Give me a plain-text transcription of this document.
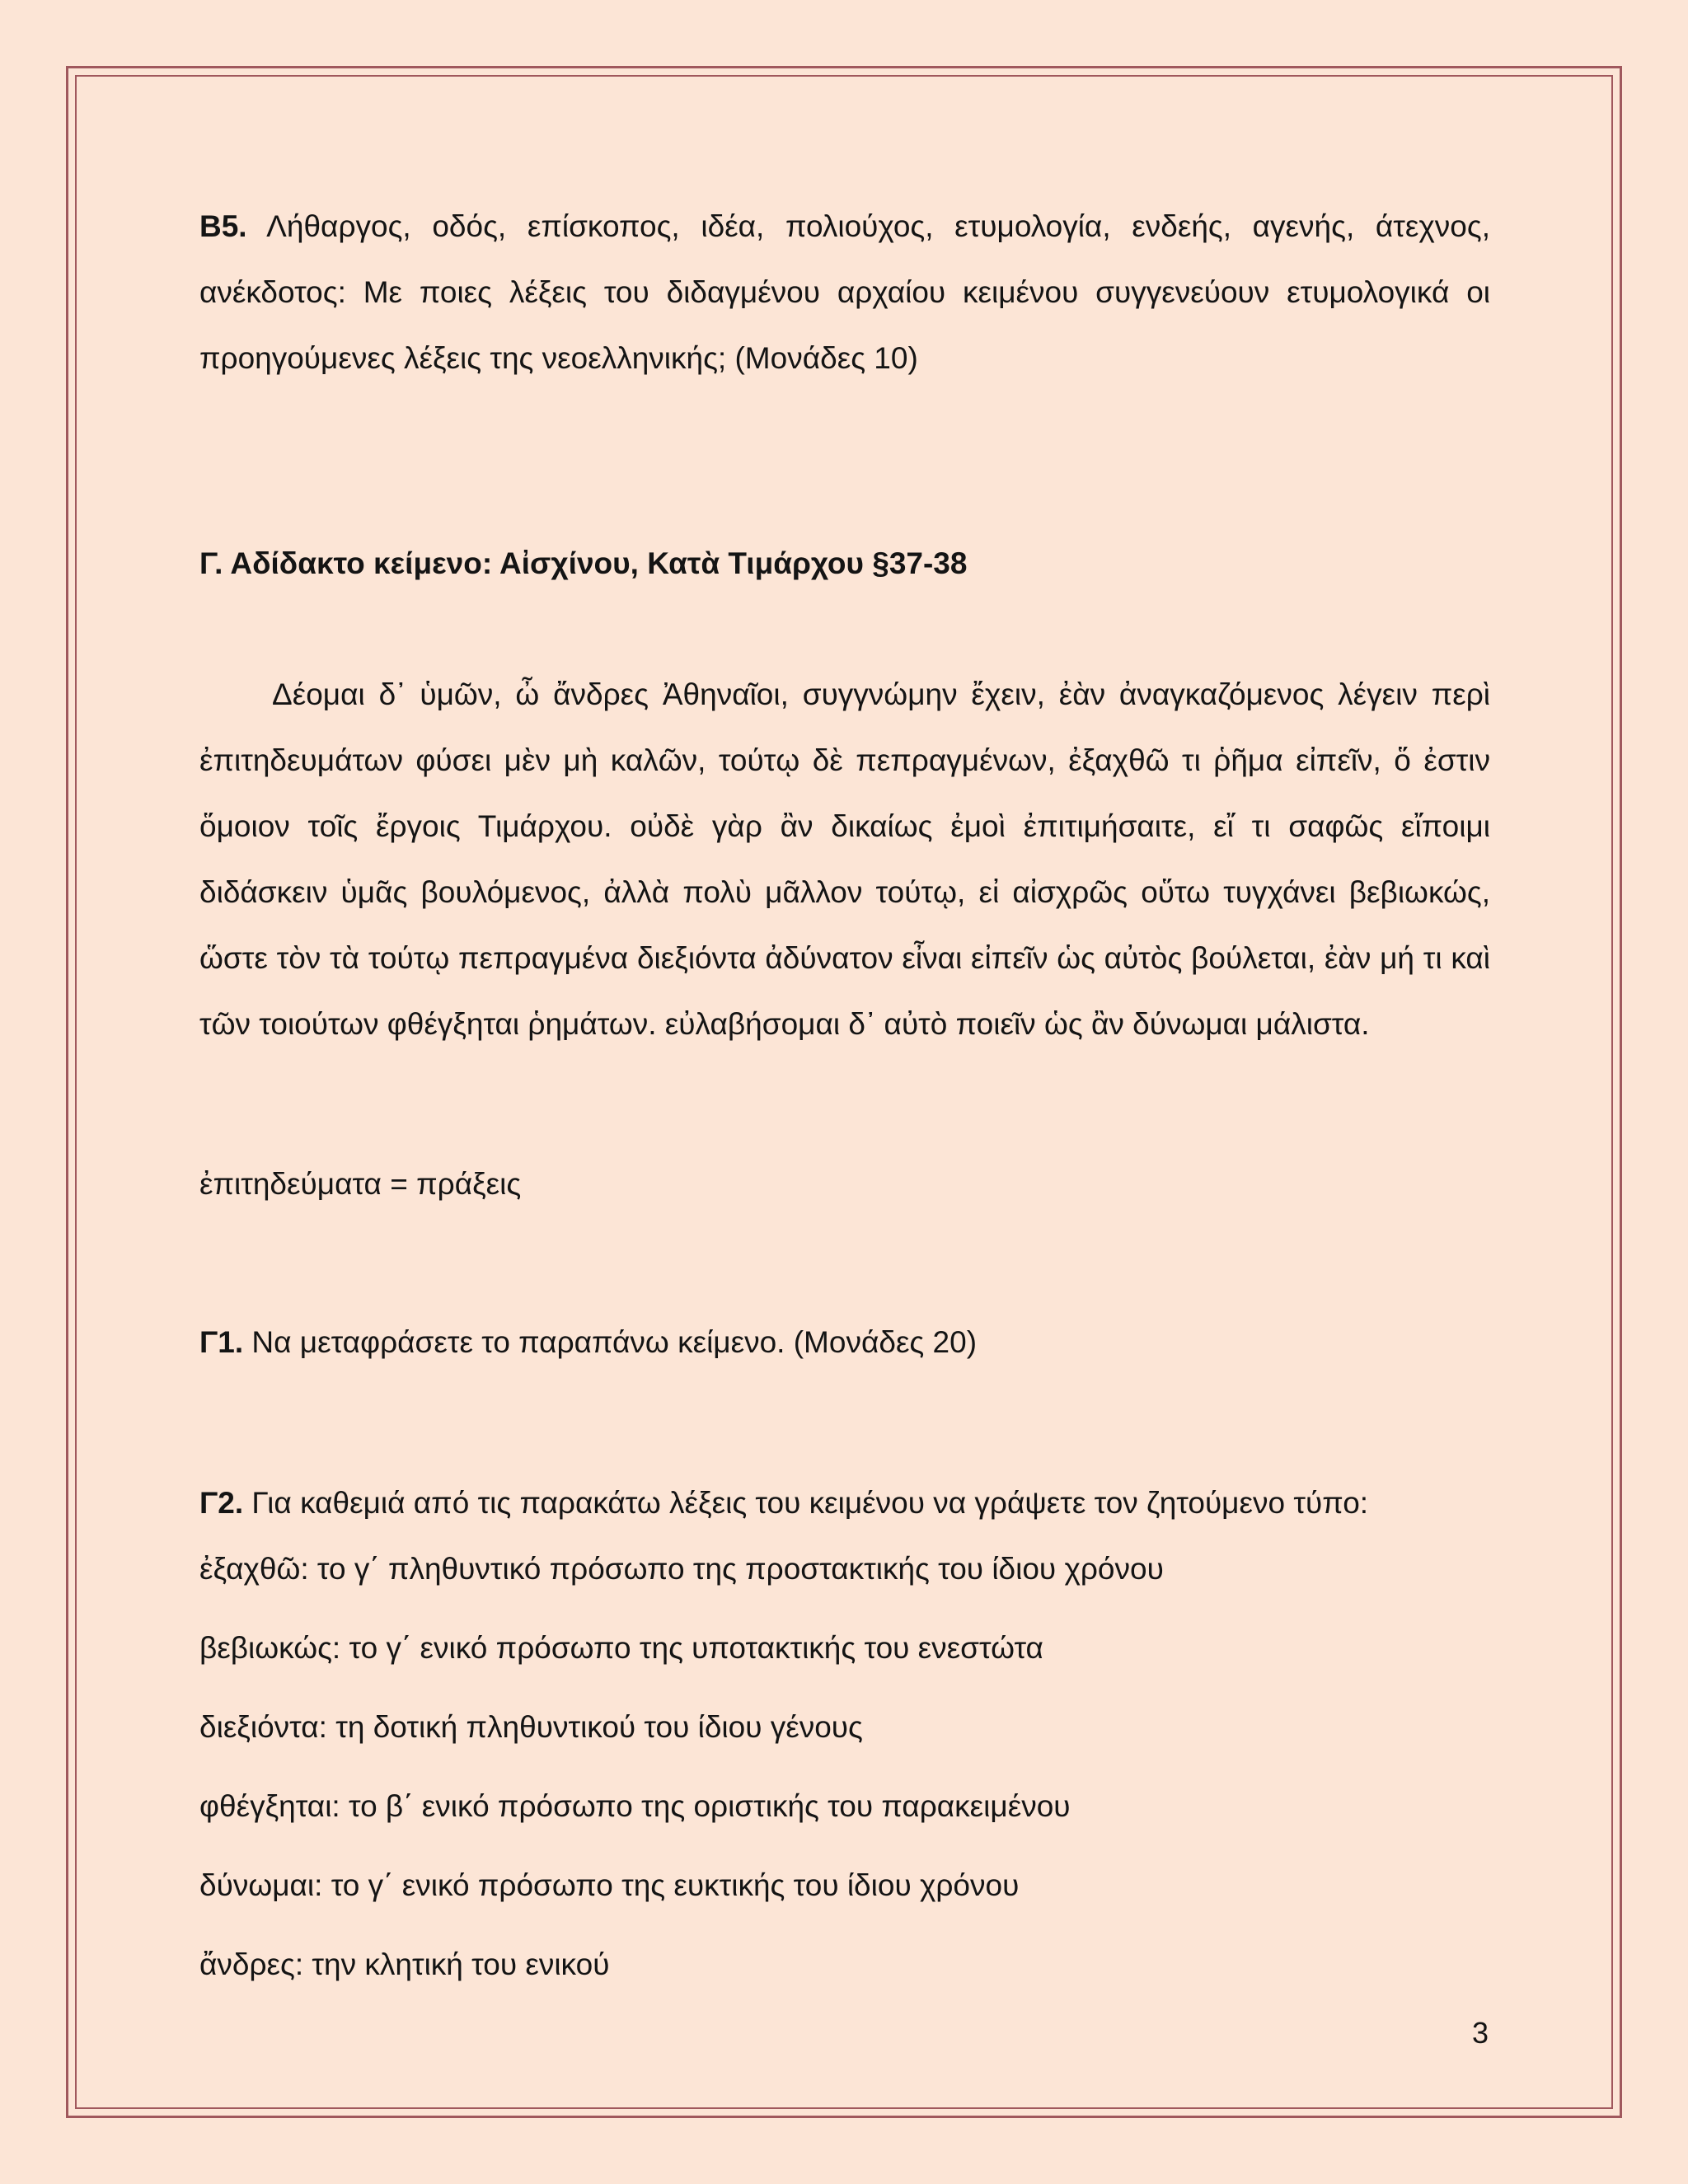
Β5. Λήθαργος, οδός, επίσκοπος, ιδέα, πολιούχος, ετυμολογία, ενδεής, αγενής, άτεχνος, ανέκδοτος: Με ποιες λέξεις του διδαγμένου αρχαίου κειμένου συγγενεύουν ετυμολογικά οι προηγούμενες λέξεις της νεοελληνικής; (Μονάδες 10)

Γ. Αδίδακτο κείμενο: Αἰσχίνου, Κατὰ Τιμάρχου §37-38

Δέομαι δ᾽ ὑμῶν, ὦ ἄνδρες Ἀθηναῖοι, συγγνώμην ἔχειν, ἐὰν ἀναγκαζόμενος λέγειν περὶ ἐπιτηδευμάτων φύσει μὲν μὴ καλῶν, τούτῳ δὲ πεπραγμένων, ἐξαχθῶ τι ῥῆμα εἰπεῖν, ὅ ἐστιν ὅμοιον τοῖς ἔργοις Τιμάρχου. οὐδὲ γὰρ ἂν δικαίως ἐμοὶ ἐπιτιμήσαιτε, εἴ τι σαφῶς εἴποιμι διδάσκειν ὑμᾶς βουλόμενος, ἀλλὰ πολὺ μᾶλλον τούτῳ, εἰ αἰσχρῶς οὕτω τυγχάνει βεβιωκώς, ὥστε τὸν τὰ τούτῳ πεπραγμένα διεξιόντα ἀδύνατον εἶναι εἰπεῖν ὡς αὐτὸς βούλεται, ἐὰν μή τι καὶ τῶν τοιούτων φθέγξηται ῥημάτων. εὐλαβήσομαι δ᾽ αὐτὸ ποιεῖν ὡς ἂν δύνωμαι μάλιστα.

ἐπιτηδεύματα = πράξεις

Γ1. Να μεταφράσετε το παραπάνω κείμενο. (Μονάδες 20)

Γ2. Για καθεμιά από τις παρακάτω λέξεις του κειμένου να γράψετε τον ζητούμενο τύπο:

ἐξαχθῶ: το γ΄ πληθυντικό πρόσωπο της προστακτικής του ίδιου χρόνου

βεβιωκώς: το γ΄ ενικό πρόσωπο της υποτακτικής του ενεστώτα

διεξιόντα: τη δοτική πληθυντικού του ίδιου γένους

φθέγξηται: το β΄ ενικό πρόσωπο της οριστικής του παρακειμένου

δύνωμαι: το γ΄ ενικό πρόσωπο της ευκτικής του ίδιου χρόνου

ἄνδρες: την κλητική του ενικού

3
